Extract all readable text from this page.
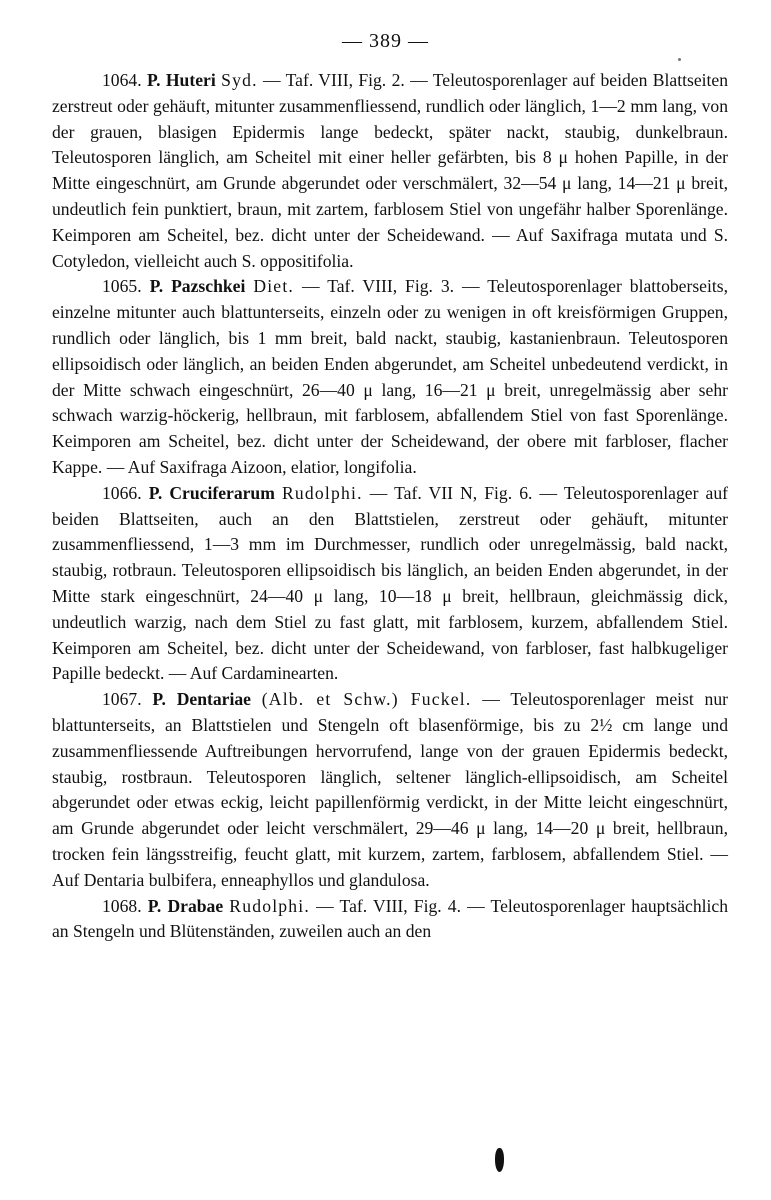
— 389 —

1064. P. Huteri Syd. — Taf. VIII, Fig. 2. — Teleutosporenlager auf beiden Blattseiten zerstreut oder gehäuft, mitunter zusammenfliessend, rundlich oder länglich, 1—2 mm lang, von der grauen, blasigen Epidermis lange bedeckt, später nackt, staubig, dunkelbraun. Teleutosporen länglich, am Scheitel mit einer heller gefärbten, bis 8 μ hohen Papille, in der Mitte eingeschnürt, am Grunde abgerundet oder verschmälert, 32—54 μ lang, 14—21 μ breit, undeutlich fein punktiert, braun, mit zartem, farblosem Stiel von ungefähr halber Sporenlänge. Keimporen am Scheitel, bez. dicht unter der Scheidewand. — Auf Saxifraga mutata und S. Cotyledon, vielleicht auch S. oppositifolia.

1065. P. Pazschkei Diet. — Taf. VIII, Fig. 3. — Teleutosporenlager blattoberseits, einzelne mitunter auch blattunterseits, einzeln oder zu wenigen in oft kreisförmigen Gruppen, rundlich oder länglich, bis 1 mm breit, bald nackt, staubig, kastanienbraun. Teleutosporen ellipsoidisch oder länglich, an beiden Enden abgerundet, am Scheitel unbedeutend verdickt, in der Mitte schwach eingeschnürt, 26—40 μ lang, 16—21 μ breit, unregelmässig aber sehr schwach warzig-höckerig, hellbraun, mit farblosem, abfallendem Stiel von fast Sporenlänge. Keimporen am Scheitel, bez. dicht unter der Scheidewand, der obere mit farbloser, flacher Kappe. — Auf Saxifraga Aizoon, elatior, longifolia.

1066. P. Cruciferarum Rudolphi. — Taf. VII N, Fig. 6. — Teleutosporenlager auf beiden Blattseiten, auch an den Blattstielen, zerstreut oder gehäuft, mitunter zusammenfliessend, 1—3 mm im Durchmesser, rundlich oder unregelmässig, bald nackt, staubig, rotbraun. Teleutosporen ellipsoidisch bis länglich, an beiden Enden abgerundet, in der Mitte stark eingeschnürt, 24—40 μ lang, 10—18 μ breit, hellbraun, gleichmässig dick, undeutlich warzig, nach dem Stiel zu fast glatt, mit farblosem, kurzem, abfallendem Stiel. Keimporen am Scheitel, bez. dicht unter der Scheidewand, von farbloser, fast halbkugeliger Papille bedeckt. — Auf Cardaminearten.

1067. P. Dentariae (Alb. et Schw.) Fuckel. — Teleutosporenlager meist nur blattunterseits, an Blattstielen und Stengeln oft blasenförmige, bis zu 2½ cm lange und zusammenfliessende Auftreibungen hervorrufend, lange von der grauen Epidermis bedeckt, staubig, rostbraun. Teleutosporen länglich, seltener länglich-ellipsoidisch, am Scheitel abgerundet oder etwas eckig, leicht papillenförmig verdickt, in der Mitte leicht eingeschnürt, am Grunde abgerundet oder leicht verschmälert, 29—46 μ lang, 14—20 μ breit, hellbraun, trocken fein längsstreifig, feucht glatt, mit kurzem, zartem, farblosem, abfallendem Stiel. — Auf Dentaria bulbifera, enneaphyllos und glandulosa.

1068. P. Drabae Rudolphi. — Taf. VIII, Fig. 4. — Teleutosporenlager hauptsächlich an Stengeln und Blütenständen, zuweilen auch an den
